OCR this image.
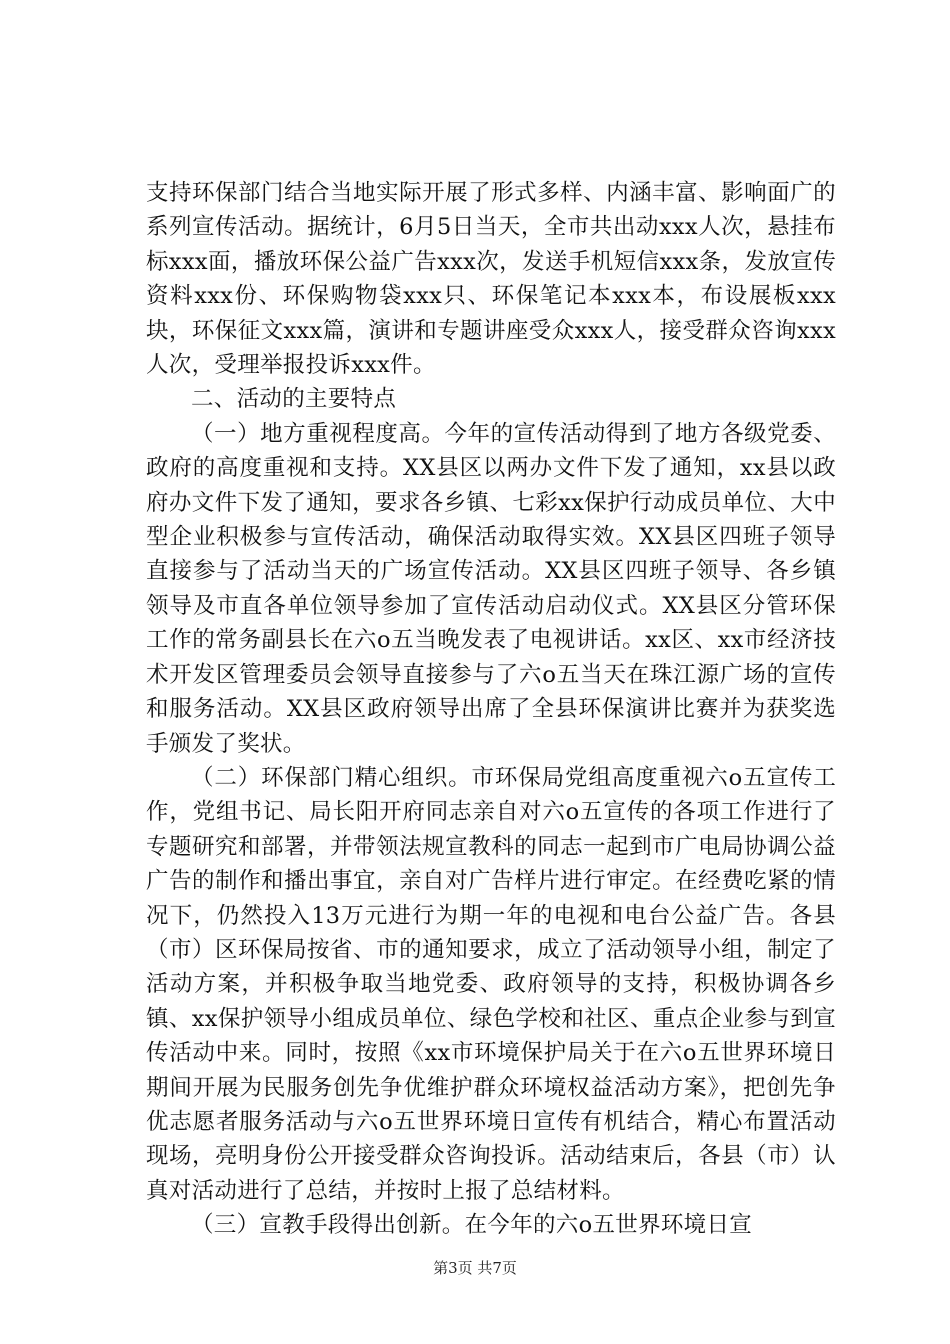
支持环保部门结合当地实际开展了形式多样、内涵丰富、影响面广的系列宣传活动。据统计，6月5日当天，全市共出动xxx人次，悬挂布标xxx面，播放环保公益广告xxx次，发送手机短信xxx条，发放宣传资料xxx份、环保购物袋xxx只、环保笔记本xxx本，布设展板xxx块，环保征文xxx篇，演讲和专题讲座受众xxx人，接受群众咨询xxx人次，受理举报投诉xxx件。

二、活动的主要特点

（一）地方重视程度高。今年的宣传活动得到了地方各级党委、政府的高度重视和支持。XX县区以两办文件下发了通知，xx县以政府办文件下发了通知，要求各乡镇、七彩xx保护行动成员单位、大中型企业积极参与宣传活动，确保活动取得实效。XX县区四班子领导直接参与了活动当天的广场宣传活动。XX县区四班子领导、各乡镇领导及市直各单位领导参加了宣传活动启动仪式。XX县区分管环保工作的常务副县长在六o五当晚发表了电视讲话。xx区、xx市经济技术开发区管理委员会领导直接参与了六o五当天在珠江源广场的宣传和服务活动。XX县区政府领导出席了全县环保演讲比赛并为获奖选手颁发了奖状。

（二）环保部门精心组织。市环保局党组高度重视六o五宣传工作，党组书记、局长阳开府同志亲自对六o五宣传的各项工作进行了专题研究和部署，并带领法规宣教科的同志一起到市广电局协调公益广告的制作和播出事宜，亲自对广告样片进行审定。在经费吃紧的情况下，仍然投入13万元进行为期一年的电视和电台公益广告。各县（市）区环保局按省、市的通知要求，成立了活动领导小组，制定了活动方案，并积极争取当地党委、政府领导的支持，积极协调各乡镇、xx保护领导小组成员单位、绿色学校和社区、重点企业参与到宣传活动中来。同时，按照《xx市环境保护局关于在六o五世界环境日期间开展为民服务创先争优维护群众环境权益活动方案》，把创先争优志愿者服务活动与六o五世界环境日宣传有机结合，精心布置活动现场，亮明身份公开接受群众咨询投诉。活动结束后，各县（市）认真对活动进行了总结，并按时上报了总结材料。

（三）宣教手段得出创新。在今年的六o五世界环境日宣

第3页 共7页
